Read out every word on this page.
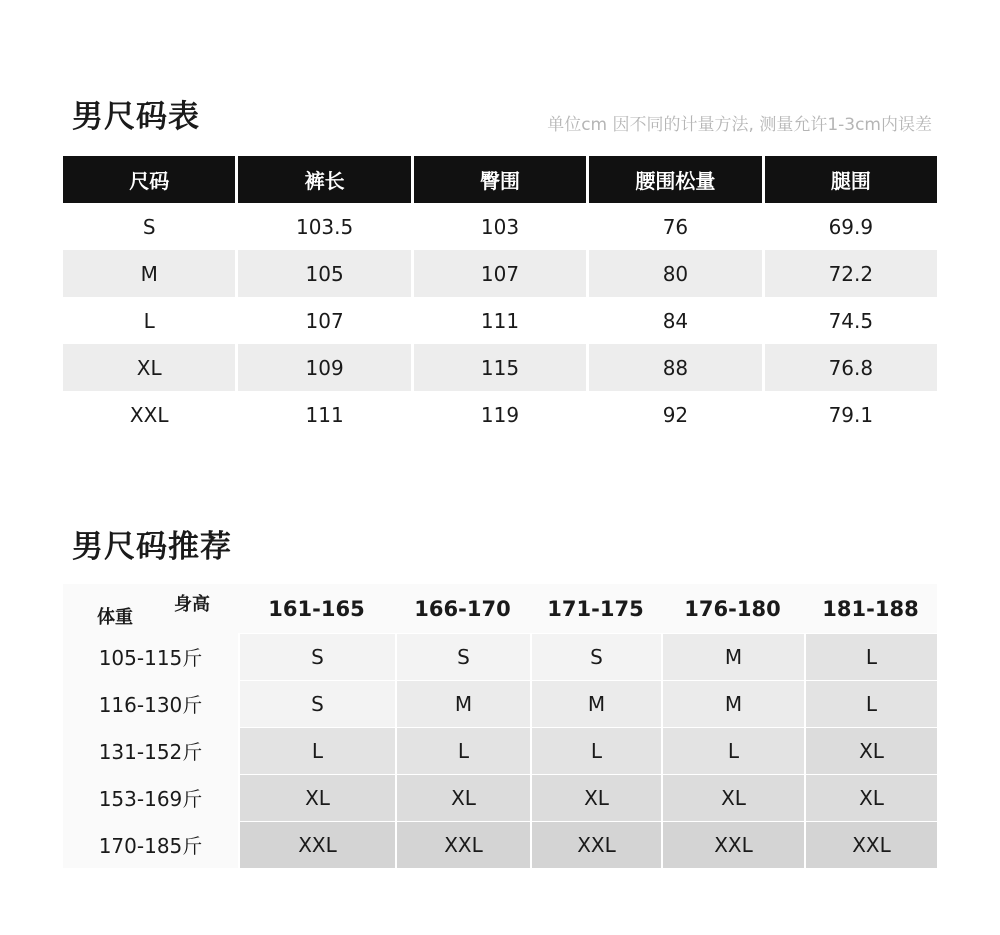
男尺码表	单位cm 因不同的计量方法, 测量允许1-3cm内误差
尺码	裤长	臀围	腰围松量	腿围
S	103.5	103	76	69.9
M	105	107	80	72.2
L	107	111	84	74.5
XL	109	115	88	76.8
XXL	111	119	92	79.1
男尺码推荐
身高
体重	161-165	166-170	171-175	176-180	181-188
105-115斤	S	S	S	M	L
116-130斤	S	M	M	M	L
131-152斤	L	L	L	L	XL
153-169斤	XL	XL	XL	XL	XL
170-185斤	XXL	XXL	XXL	XXL	XXL
